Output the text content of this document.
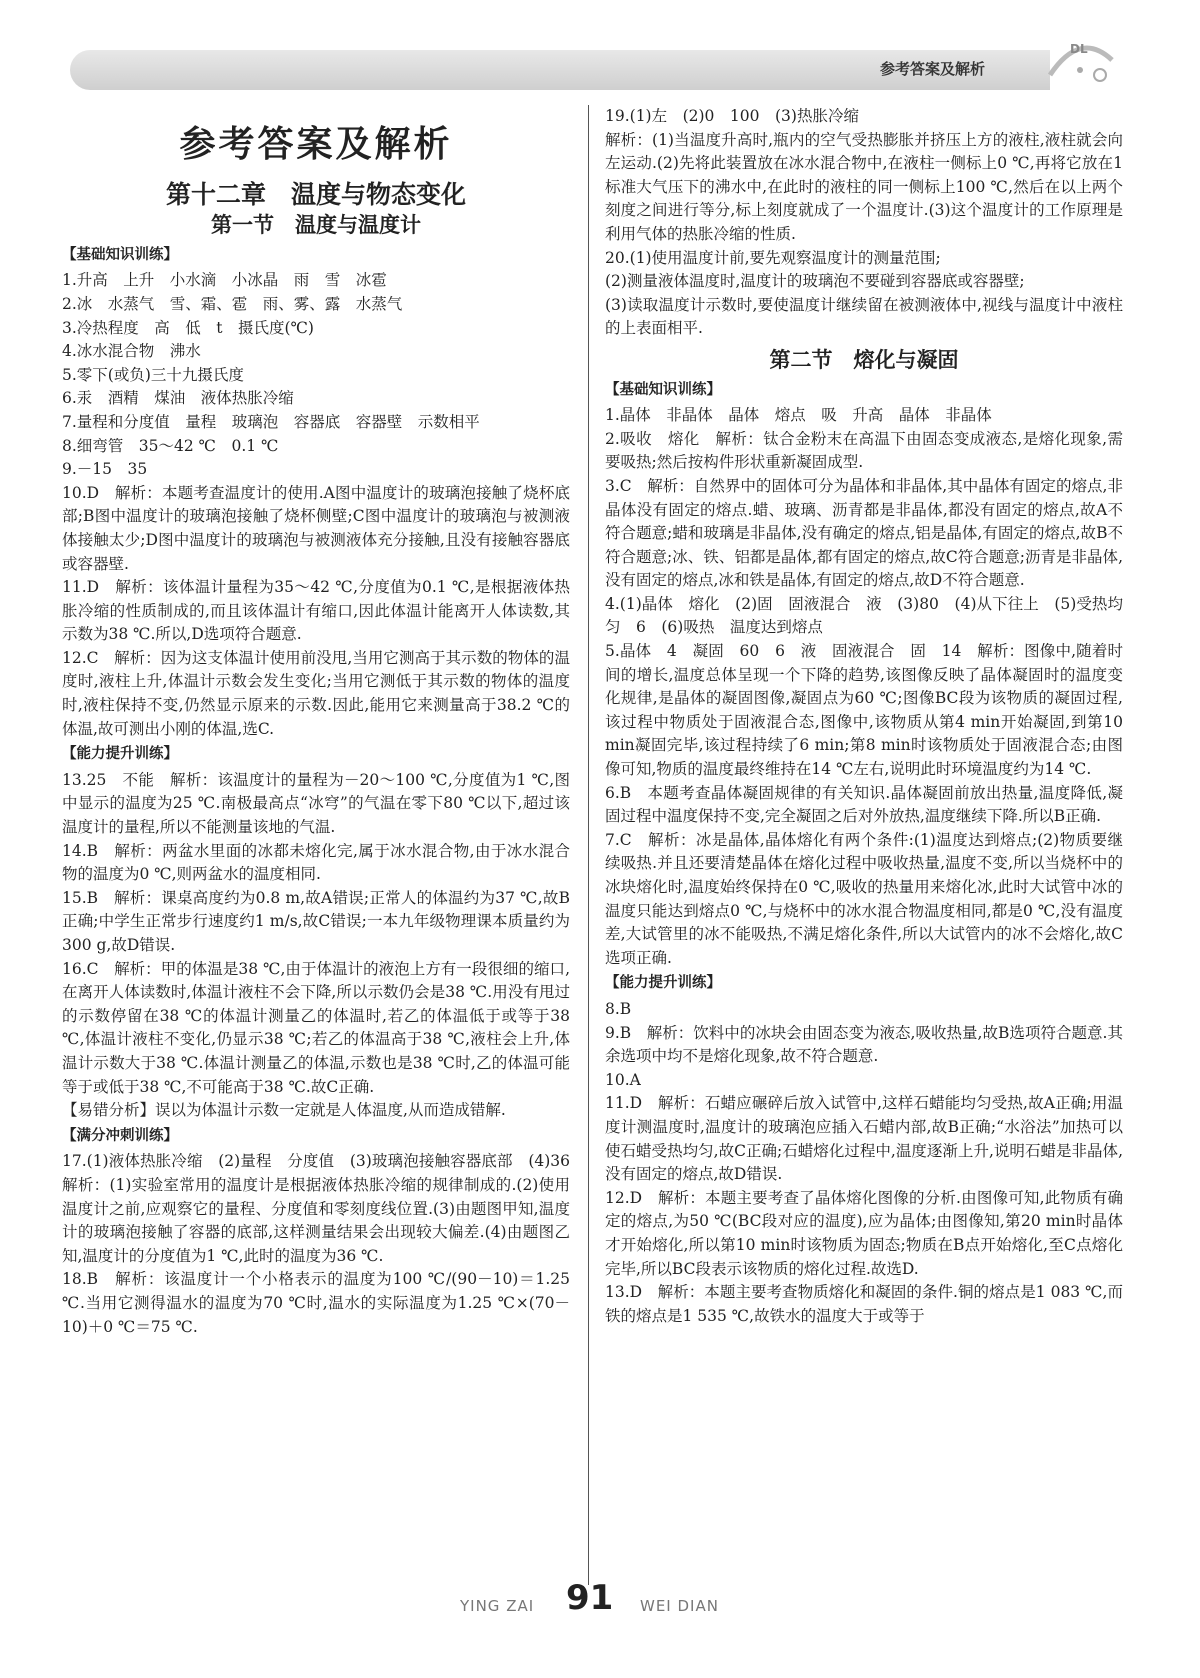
参考答案及解析
DL
参考答案及解析
第十二章　温度与物态变化
第一节　温度与温度计
【基础知识训练】

1.升高　上升　小水滴　小冰晶　雨　雪　冰雹

2.冰　水蒸气　雪、霜、雹　雨、雾、露　水蒸气

3.冷热程度　高　低　t　摄氏度(℃)

4.冰水混合物　沸水

5.零下(或负)三十九摄氏度

6.汞　酒精　煤油　液体热胀冷缩

7.量程和分度值　量程　玻璃泡　容器底　容器壁　示数相平

8.细弯管　35～42 ℃　0.1 ℃

9.－15　35

10.D　解析：本题考查温度计的使用.A图中温度计的玻璃泡接触了烧杯底部;B图中温度计的玻璃泡接触了烧杯侧壁;C图中温度计的玻璃泡与被测液体接触太少;D图中温度计的玻璃泡与被测液体充分接触,且没有接触容器底或容器壁.

11.D　解析：该体温计量程为35～42 ℃,分度值为0.1 ℃,是根据液体热胀冷缩的性质制成的,而且该体温计有缩口,因此体温计能离开人体读数,其示数为38 ℃.所以,D选项符合题意.

12.C　解析：因为这支体温计使用前没甩,当用它测高于其示数的物体的温度时,液柱上升,体温计示数会发生变化;当用它测低于其示数的物体的温度时,液柱保持不变,仍然显示原来的示数.因此,能用它来测量高于38.2 ℃的体温,故可测出小刚的体温,选C.

【能力提升训练】

13.25　不能　解析：该温度计的量程为－20～100 ℃,分度值为1 ℃,图中显示的温度为25 ℃.南极最高点“冰穹”的气温在零下80 ℃以下,超过该温度计的量程,所以不能测量该地的气温.

14.B　解析：两盆水里面的冰都未熔化完,属于冰水混合物,由于冰水混合物的温度为0 ℃,则两盆水的温度相同.

15.B　解析：课桌高度约为0.8 m,故A错误;正常人的体温约为37 ℃,故B正确;中学生正常步行速度约1 m/s,故C错误;一本九年级物理课本质量约为300 g,故D错误.

16.C　解析：甲的体温是38 ℃,由于体温计的液泡上方有一段很细的缩口,在离开人体读数时,体温计液柱不会下降,所以示数仍会是38 ℃.用没有甩过的示数停留在38 ℃的体温计测量乙的体温时,若乙的体温低于或等于38 ℃,体温计液柱不变化,仍显示38 ℃;若乙的体温高于38 ℃,液柱会上升,体温计示数大于38 ℃.体温计测量乙的体温,示数也是38 ℃时,乙的体温可能等于或低于38 ℃,不可能高于38 ℃.故C正确.

【易错分析】误以为体温计示数一定就是人体温度,从而造成错解.

【满分冲刺训练】

17.(1)液体热胀冷缩　(2)量程　分度值　(3)玻璃泡接触容器底部　(4)36　解析：(1)实验室常用的温度计是根据液体热胀冷缩的规律制成的.(2)使用温度计之前,应观察它的量程、分度值和零刻度线位置.(3)由题图甲知,温度计的玻璃泡接触了容器的底部,这样测量结果会出现较大偏差.(4)由题图乙知,温度计的分度值为1 ℃,此时的温度为36 ℃.

18.B　解析：该温度计一个小格表示的温度为100 ℃/(90－10)＝1.25 ℃.当用它测得温水的温度为70 ℃时,温水的实际温度为1.25 ℃×(70－10)＋0 ℃＝75 ℃.

19.(1)左　(2)0　100　(3)热胀冷缩

解析：(1)当温度升高时,瓶内的空气受热膨胀并挤压上方的液柱,液柱就会向左运动.(2)先将此装置放在冰水混合物中,在液柱一侧标上0 ℃,再将它放在1标准大气压下的沸水中,在此时的液柱的同一侧标上100 ℃,然后在以上两个刻度之间进行等分,标上刻度就成了一个温度计.(3)这个温度计的工作原理是利用气体的热胀冷缩的性质.

20.(1)使用温度计前,要先观察温度计的测量范围;

(2)测量液体温度时,温度计的玻璃泡不要碰到容器底或容器壁;

(3)读取温度计示数时,要使温度计继续留在被测液体中,视线与温度计中液柱的上表面相平.

第二节　熔化与凝固
【基础知识训练】

1.晶体　非晶体　晶体　熔点　吸　升高　晶体　非晶体

2.吸收　熔化　解析：钛合金粉末在高温下由固态变成液态,是熔化现象,需要吸热;然后按构件形状重新凝固成型.

3.C　解析：自然界中的固体可分为晶体和非晶体,其中晶体有固定的熔点,非晶体没有固定的熔点.蜡、玻璃、沥青都是非晶体,都没有固定的熔点,故A不符合题意;蜡和玻璃是非晶体,没有确定的熔点,铝是晶体,有固定的熔点,故B不符合题意;冰、铁、铝都是晶体,都有固定的熔点,故C符合题意;沥青是非晶体,没有固定的熔点,冰和铁是晶体,有固定的熔点,故D不符合题意.

4.(1)晶体　熔化　(2)固　固液混合　液　(3)80　(4)从下往上　(5)受热均匀　6　(6)吸热　温度达到熔点

5.晶体　4　凝固　60　6　液　固液混合　固　14　解析：图像中,随着时间的增长,温度总体呈现一个下降的趋势,该图像反映了晶体凝固时的温度变化规律,是晶体的凝固图像,凝固点为60 ℃;图像BC段为该物质的凝固过程,该过程中物质处于固液混合态,图像中,该物质从第4 min开始凝固,到第10 min凝固完毕,该过程持续了6 min;第8 min时该物质处于固液混合态;由图像可知,物质的温度最终维持在14 ℃左右,说明此时环境温度约为14 ℃.

6.B　本题考查晶体凝固规律的有关知识.晶体凝固前放出热量,温度降低,凝固过程中温度保持不变,完全凝固之后对外放热,温度继续下降.所以B正确.

7.C　解析：冰是晶体,晶体熔化有两个条件:(1)温度达到熔点;(2)物质要继续吸热.并且还要清楚晶体在熔化过程中吸收热量,温度不变,所以当烧杯中的冰块熔化时,温度始终保持在0 ℃,吸收的热量用来熔化冰,此时大试管中冰的温度只能达到熔点0 ℃,与烧杯中的冰水混合物温度相同,都是0 ℃,没有温度差,大试管里的冰不能吸热,不满足熔化条件,所以大试管内的冰不会熔化,故C选项正确.

【能力提升训练】

8.B

9.B　解析：饮料中的冰块会由固态变为液态,吸收热量,故B选项符合题意.其余选项中均不是熔化现象,故不符合题意.

10.A

11.D　解析：石蜡应碾碎后放入试管中,这样石蜡能均匀受热,故A正确;用温度计测温度时,温度计的玻璃泡应插入石蜡内部,故B正确;“水浴法”加热可以使石蜡受热均匀,故C正确;石蜡熔化过程中,温度逐渐上升,说明石蜡是非晶体,没有固定的熔点,故D错误.

12.D　解析：本题主要考查了晶体熔化图像的分析.由图像可知,此物质有确定的熔点,为50 ℃(BC段对应的温度),应为晶体;由图像知,第20 min时晶体才开始熔化,所以第10 min时该物质为固态;物质在B点开始熔化,至C点熔化完毕,所以BC段表示该物质的熔化过程.故选D.

13.D　解析：本题主要考查物质熔化和凝固的条件.铜的熔点是1 083 ℃,而铁的熔点是1 535 ℃,故铁水的温度大于或等于

YING ZAI 91 WEI DIAN
